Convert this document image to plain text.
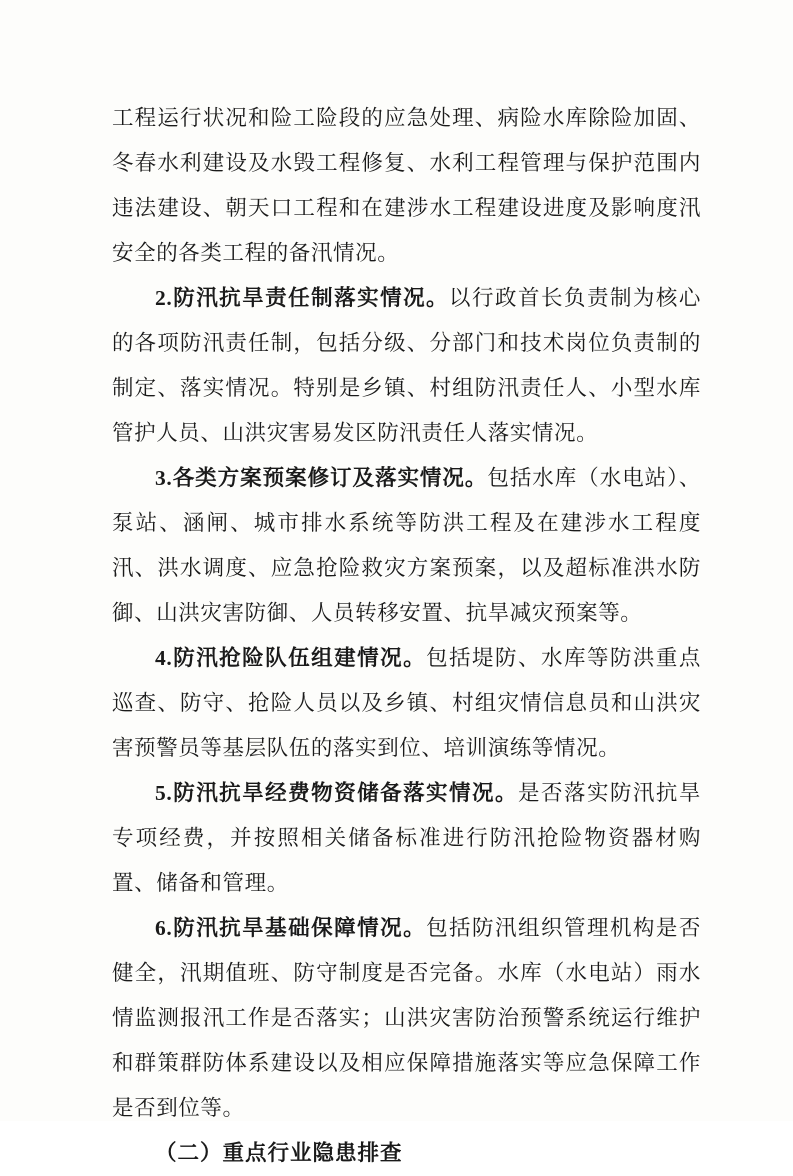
工程运行状况和险工险段的应急处理、病险水库除险加固、冬春水利建设及水毁工程修复、水利工程管理与保护范围内违法建设、朝天口工程和在建涉水工程建设进度及影响度汛安全的各类工程的备汛情况。

2.防汛抗旱责任制落实情况。以行政首长负责制为核心的各项防汛责任制，包括分级、分部门和技术岗位负责制的制定、落实情况。特别是乡镇、村组防汛责任人、小型水库管护人员、山洪灾害易发区防汛责任人落实情况。

3.各类方案预案修订及落实情况。包括水库（水电站）、泵站、涵闸、城市排水系统等防洪工程及在建涉水工程度汛、洪水调度、应急抢险救灾方案预案，以及超标准洪水防御、山洪灾害防御、人员转移安置、抗旱减灾预案等。

4.防汛抢险队伍组建情况。包括堤防、水库等防洪重点巡查、防守、抢险人员以及乡镇、村组灾情信息员和山洪灾害预警员等基层队伍的落实到位、培训演练等情况。

5.防汛抗旱经费物资储备落实情况。是否落实防汛抗旱专项经费，并按照相关储备标准进行防汛抢险物资器材购置、储备和管理。

6.防汛抗旱基础保障情况。包括防汛组织管理机构是否健全，汛期值班、防守制度是否完备。水库（水电站）雨水情监测报汛工作是否落实；山洪灾害防治预警系统运行维护和群策群防体系建设以及相应保障措施落实等应急保障工作是否到位等。

（二）重点行业隐患排查
